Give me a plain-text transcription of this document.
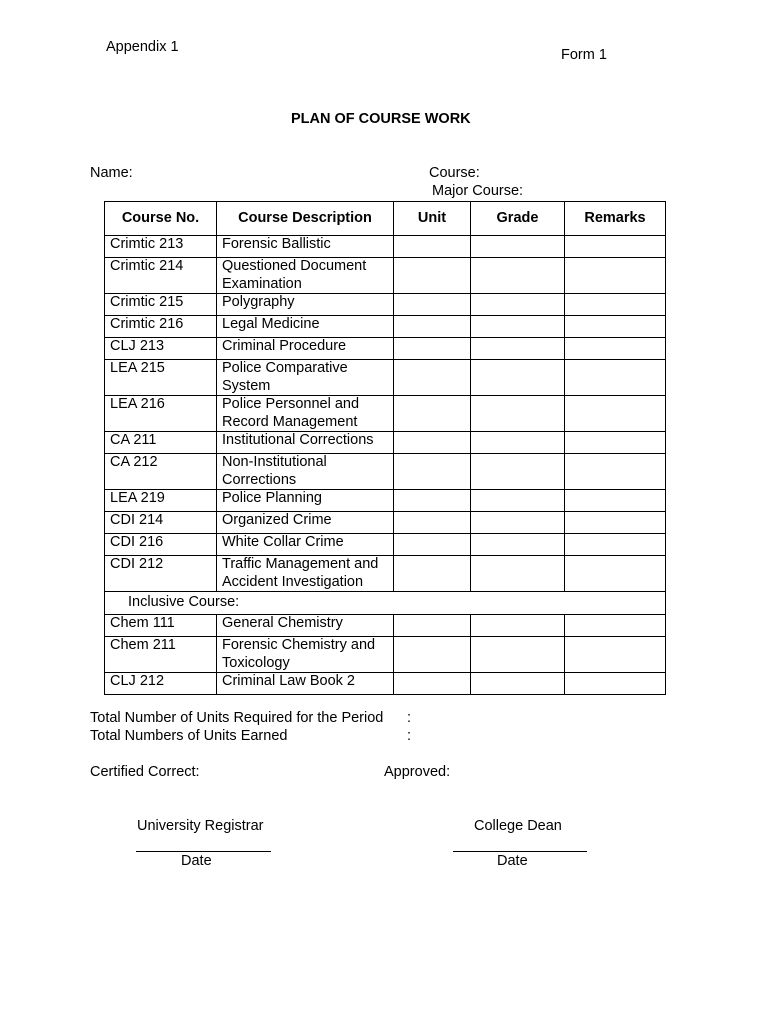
Appendix 1	Form 1
PLAN OF COURSE WORK
Name:	Course:
Major Course:
Course No.	Course Description	Unit	Grade	Remarks
Crimtic 213	Forensic Ballistic			
Crimtic 214	Questioned Document Examination			
Crimtic 215	Polygraphy			
Crimtic 216	Legal Medicine			
CLJ 213	Criminal Procedure			
LEA 215	Police Comparative System			
LEA 216	Police Personnel and Record Management			
CA 211	Institutional Corrections			
CA 212	Non-Institutional Corrections			
LEA 219	Police Planning			
CDI 214	Organized Crime			
CDI 216	White Collar Crime			
CDI 212	Traffic Management and Accident Investigation			
Inclusive Course:				
Chem 111	General Chemistry			
Chem 211	Forensic Chemistry and Toxicology			
CLJ 212	Criminal Law Book 2			
Total Number of Units Required for the Period :
Total Numbers of Units Earned	:
Certified Correct:	Approved:
University Registrar
Date
College Dean
Date
